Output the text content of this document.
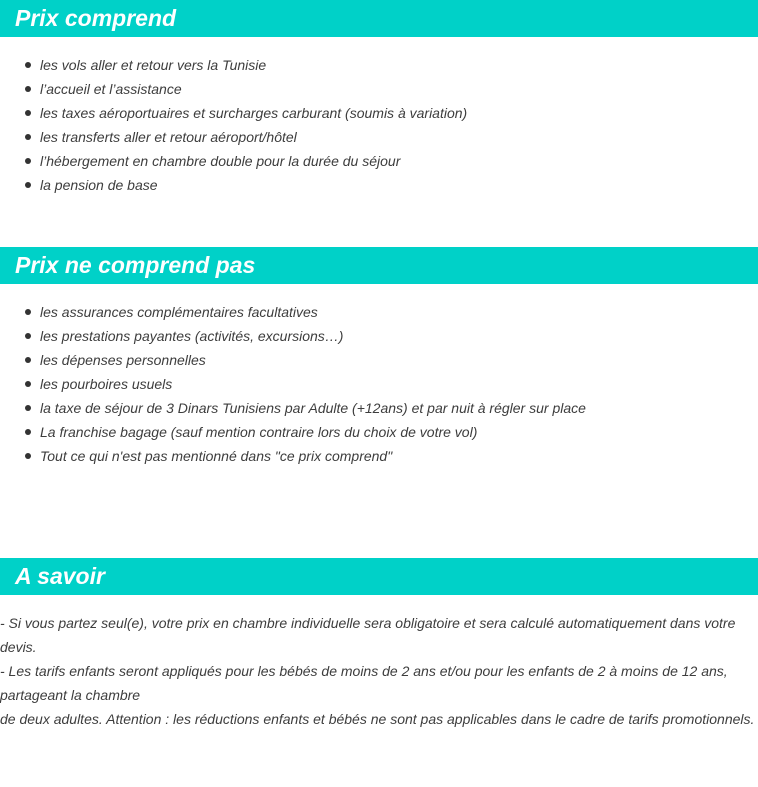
Prix comprend
les vols aller et retour vers la Tunisie
l’accueil et l’assistance
les taxes aéroportuaires et surcharges carburant (soumis à variation)
les transferts aller et retour aéroport/hôtel
l’hébergement en chambre double pour la durée du séjour
la pension de base
Prix ne comprend pas
les assurances complémentaires facultatives
les prestations payantes (activités, excursions…)
les dépenses personnelles
les pourboires usuels
la taxe de séjour de 3 Dinars Tunisiens par Adulte (+12ans) et par nuit à régler sur place
La franchise bagage (sauf mention contraire lors du choix de votre vol)
Tout ce qui n'est pas mentionné dans "ce prix comprend"
A savoir

- Si vous partez seul(e), votre prix en chambre individuelle sera obligatoire et sera calculé automatiquement dans votre devis.

- Les tarifs enfants seront appliqués pour les bébés de moins de 2 ans et/ou pour les enfants de 2 à moins de 12 ans, partageant la chambre

de deux adultes. Attention : les réductions enfants et bébés ne sont pas applicables dans le cadre de tarifs promotionnels.
